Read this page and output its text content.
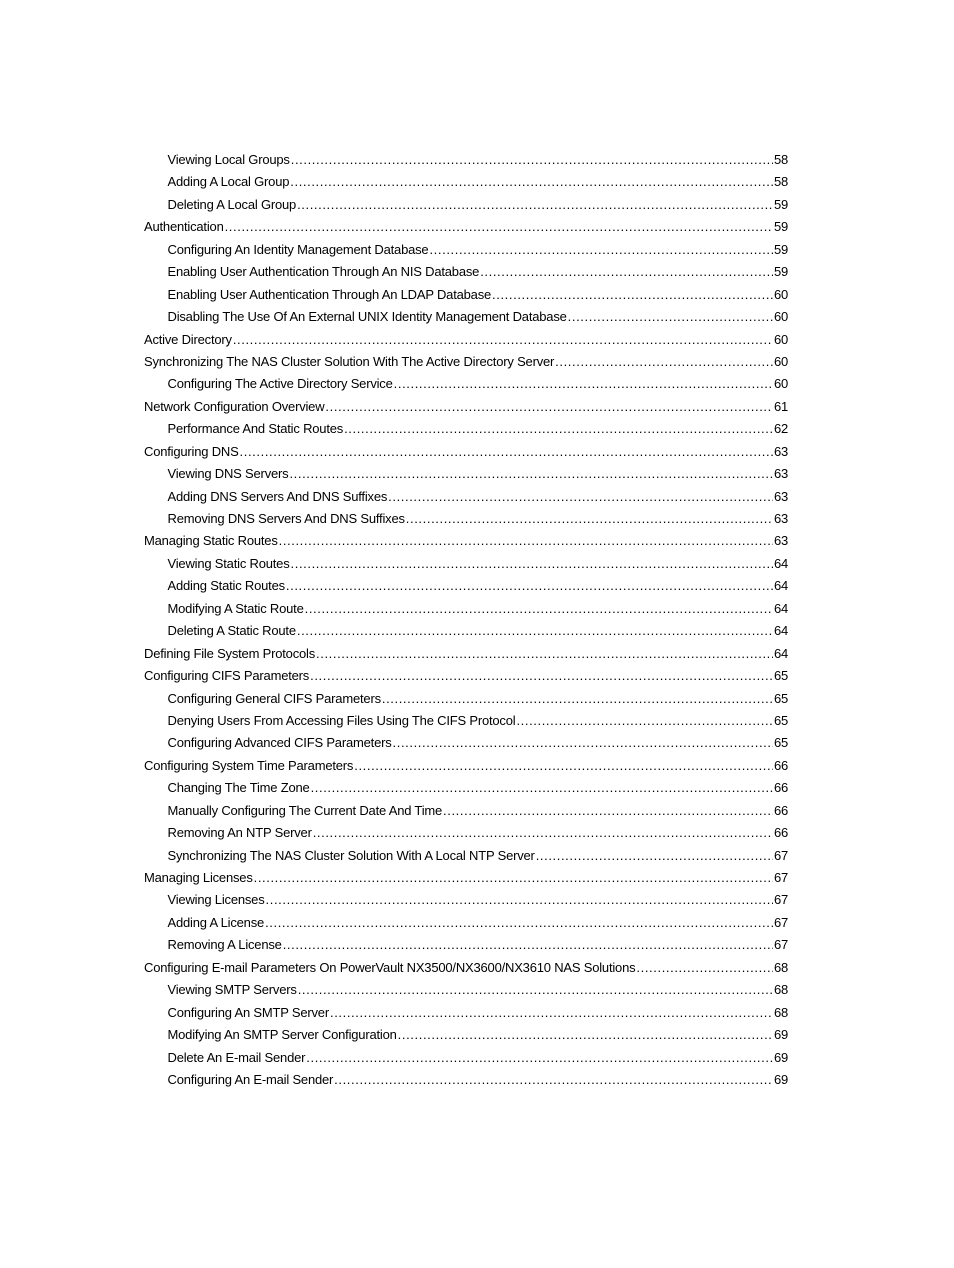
Viewing Local Groups .....	58
Adding A Local Group .....	58
Deleting A Local Group .....	59
Authentication .....	59
Configuring An Identity Management Database .....	59
Enabling User Authentication Through An NIS Database .....	59
Enabling User Authentication Through An LDAP Database .....	60
Disabling The Use Of An External UNIX Identity Management Database .....	60
Active Directory .....	60
Synchronizing The NAS Cluster Solution With The Active Directory Server .....	60
Configuring The Active Directory Service .....	60
Network Configuration Overview .....	61
Performance And Static Routes .....	62
Configuring DNS .....	63
Viewing DNS Servers .....	63
Adding DNS Servers And DNS Suffixes .....	63
Removing DNS Servers And DNS Suffixes .....	63
Managing Static Routes .....	63
Viewing Static Routes .....	64
Adding Static Routes .....	64
Modifying A Static Route .....	64
Deleting A Static Route .....	64
Defining File System Protocols .....	64
Configuring CIFS Parameters .....	65
Configuring General CIFS Parameters .....	65
Denying Users From Accessing Files Using The CIFS Protocol .....	65
Configuring Advanced CIFS Parameters .....	65
Configuring System Time Parameters .....	66
Changing The Time Zone .....	66
Manually Configuring The Current Date And Time .....	66
Removing An NTP Server .....	66
Synchronizing The NAS Cluster Solution With A Local NTP Server .....	67
Managing Licenses .....	67
Viewing Licenses .....	67
Adding A License .....	67
Removing A License .....	67
Configuring E-mail Parameters On PowerVault NX3500/NX3600/NX3610 NAS Solutions .....	68
Viewing SMTP Servers .....	68
Configuring An SMTP Server .....	68
Modifying An SMTP Server Configuration .....	69
Delete An E-mail Sender .....	69
Configuring An E-mail Sender .....	69
